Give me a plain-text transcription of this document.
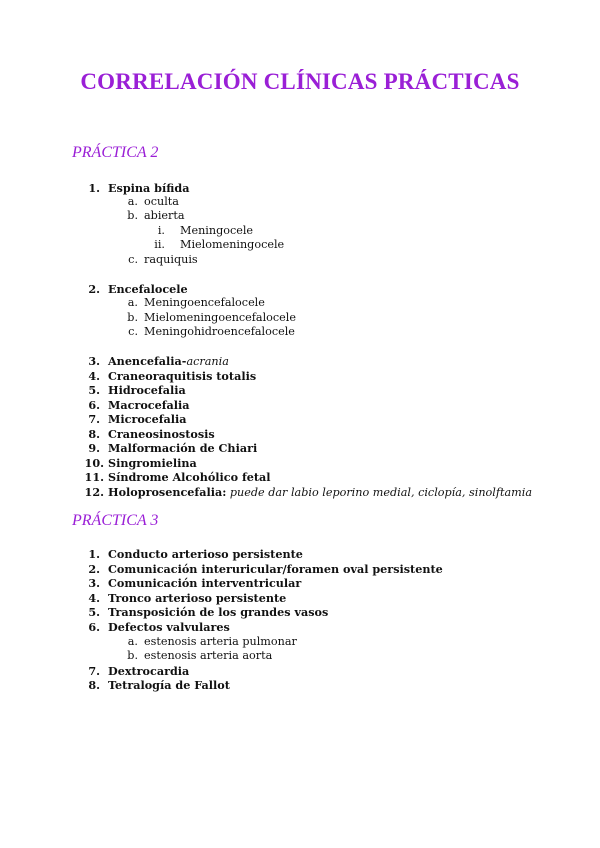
CORRELACIÓN CLÍNICAS PRÁCTICAS
PRÁCTICA 2
1. Espina bífida
a. oculta
b. abierta
i. Meningocele
ii. Mielomeningocele
c. raquiquis
2. Encefalocele
a. Meningoencefalocele
b. Mielomeningoencefalocele
c. Meningohidroencefalocele
3. Anencefalia-acrania
4. Craneoraquitisis totalis
5. Hidrocefalia
6. Macrocefalia
7. Microcefalia
8. Craneosinostosis
9. Malformación de Chiari
10. Singromielina
11. Síndrome Alcohólico fetal
12. Holoprosencefalia: puede dar labio leporino medial, ciclopía, sinolftamia
PRÁCTICA 3
1. Conducto arterioso persistente
2. Comunicación interuricular/foramen oval persistente
3. Comunicación interventricular
4. Tronco arterioso persistente
5. Transposición de los grandes vasos
6. Defectos valvulares
a. estenosis arteria pulmonar
b. estenosis arteria aorta
7. Dextrocardia
8. Tetralogía de Fallot
